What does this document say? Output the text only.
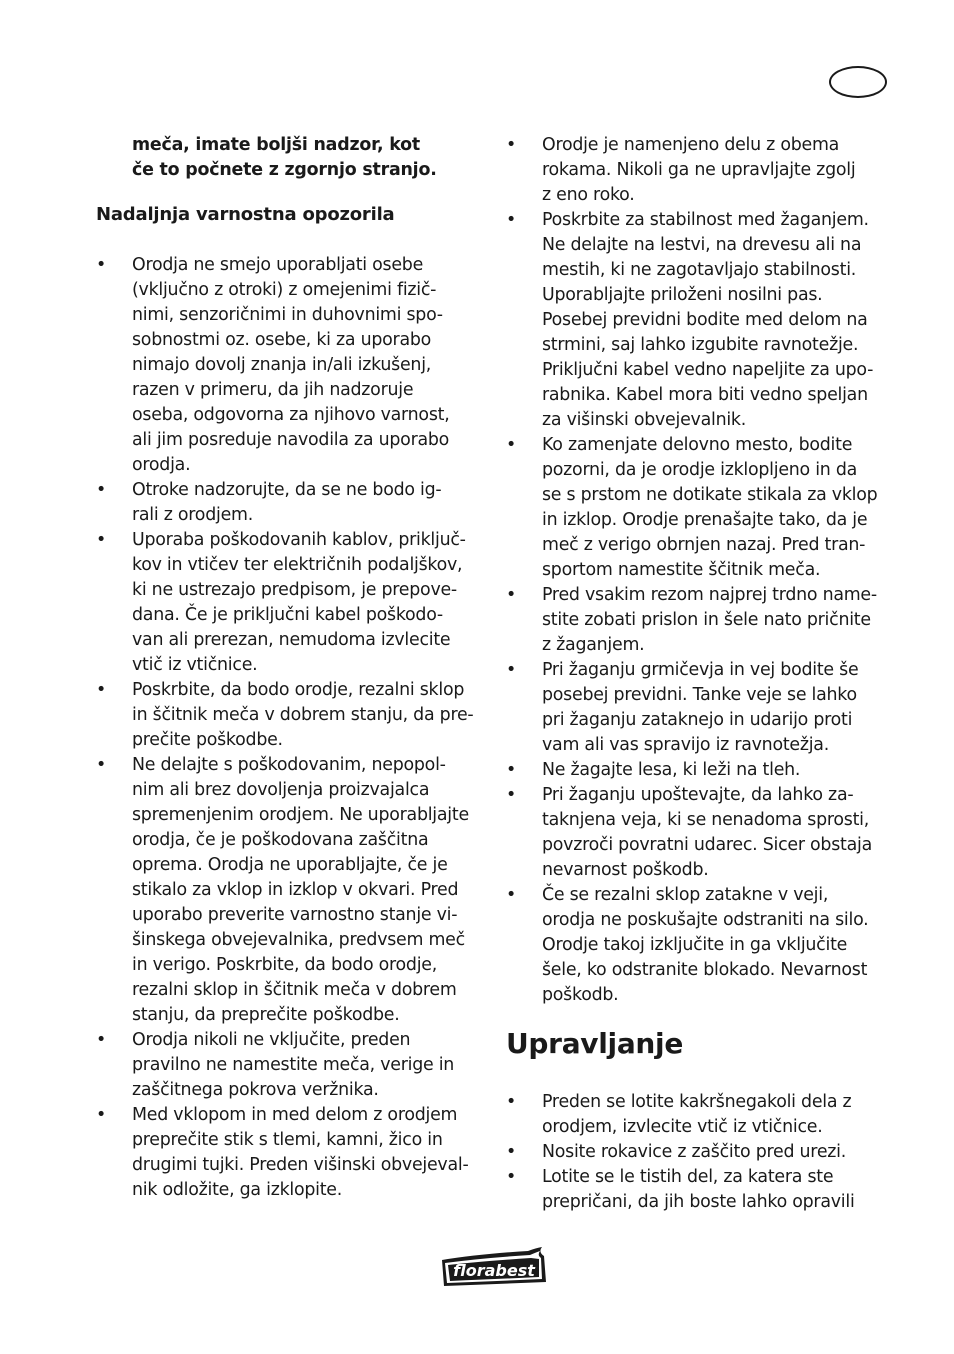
meča, imate boljši nadzor, kot
če to počnete z zgornjo stranjo.

Nadaljnja varnostna opozorila
• Orodja ne smejo uporabljati osebe
(vključno z otroki) z omejenimi fizič-
nimi, senzoričnimi in duhovnimi spo-
sobnostmi oz. osebe, ki za uporabo
nimajo dovolj znanja in/ali izkušenj,
razen v primeru, da jih nadzoruje
oseba, odgovorna za njihovo varnost,
ali jim posreduje navodila za uporabo
orodja.
• Otroke nadzorujte, da se ne bodo ig-
rali z orodjem.
• Uporaba poškodovanih kablov, priključ-
kov in vtičev ter električnih podaljškov,
ki ne ustrezajo predpisom, je prepove-
dana. Če je priključni kabel poškodo-
van ali prerezan, nemudoma izvlecite
vtič iz vtičnice.
• Poskrbite, da bodo orodje, rezalni sklop
in ščitnik meča v dobrem stanju, da pre-
prečite poškodbe.
• Ne delajte s poškodovanim, nepopol-
nim ali brez dovoljenja proizvajalca
spremenjenim orodjem. Ne uporabljajte
orodja, če je poškodovana zaščitna
oprema. Orodja ne uporabljajte, če je
stikalo za vklop in izklop v okvari. Pred
uporabo preverite varnostno stanje vi-
šinskega obvejevalnika, predvsem meč
in verigo. Poskrbite, da bodo orodje,
rezalni sklop in ščitnik meča v dobrem
stanju, da preprečite poškodbe.
• Orodja nikoli ne vključite, preden
pravilno ne namestite meča, verige in
zaščitnega pokrova veržnika.
• Med vklopom in med delom z orodjem
preprečite stik s tlemi, kamni, žico in
drugimi tujki. Preden višinski obvejeval-
nik odložite, ga izklopite.
• Orodje je namenjeno delu z obema
rokama. Nikoli ga ne upravljajte zgolj
z eno roko.
• Poskrbite za stabilnost med žaganjem.
Ne delajte na lestvi, na drevesu ali na
mestih, ki ne zagotavljajo stabilnosti.
Uporabljajte priloženi nosilni pas.
Posebej previdni bodite med delom na
strmini, saj lahko izgubite ravnotežje.
Priključni kabel vedno napeljite za upo-
rabnika. Kabel mora biti vedno speljan
za višinski obvejevalnik.
• Ko zamenjate delovno mesto, bodite
pozorni, da je orodje izklopljeno in da
se s prstom ne dotikate stikala za vklop
in izklop. Orodje prenašajte tako, da je
meč z verigo obrnjen nazaj. Pred tran-
sportom namestite ščitnik meča.
• Pred vsakim rezom najprej trdno name-
stite zobati prislon in šele nato pričnite
z žaganjem.
• Pri žaganju grmičevja in vej bodite še
posebej previdni. Tanke veje se lahko
pri žaganju zataknejo in udarijo proti
vam ali vas spravijo iz ravnotežja.
• Ne žagajte lesa, ki leži na tleh.
• Pri žaganju upoštevajte, da lahko za-
taknjena veja, ki se nenadoma sprosti,
povzroči povratni udarec. Sicer obstaja
nevarnost poškodb.
• Če se rezalni sklop zatakne v veji,
orodja ne poskušajte odstraniti na silo.
Orodje takoj izključite in ga vključite
šele, ko odstranite blokado. Nevarnost
poškodb.
Upravljanje
• Preden se lotite kakršnegakoli dela z
orodjem, izvlecite vtič iz vtičnice.
• Nosite rokavice z zaščito pred urezi.
• Lotite se le tistih del, za katera ste
prepričani, da jih boste lahko opravili
florabest
